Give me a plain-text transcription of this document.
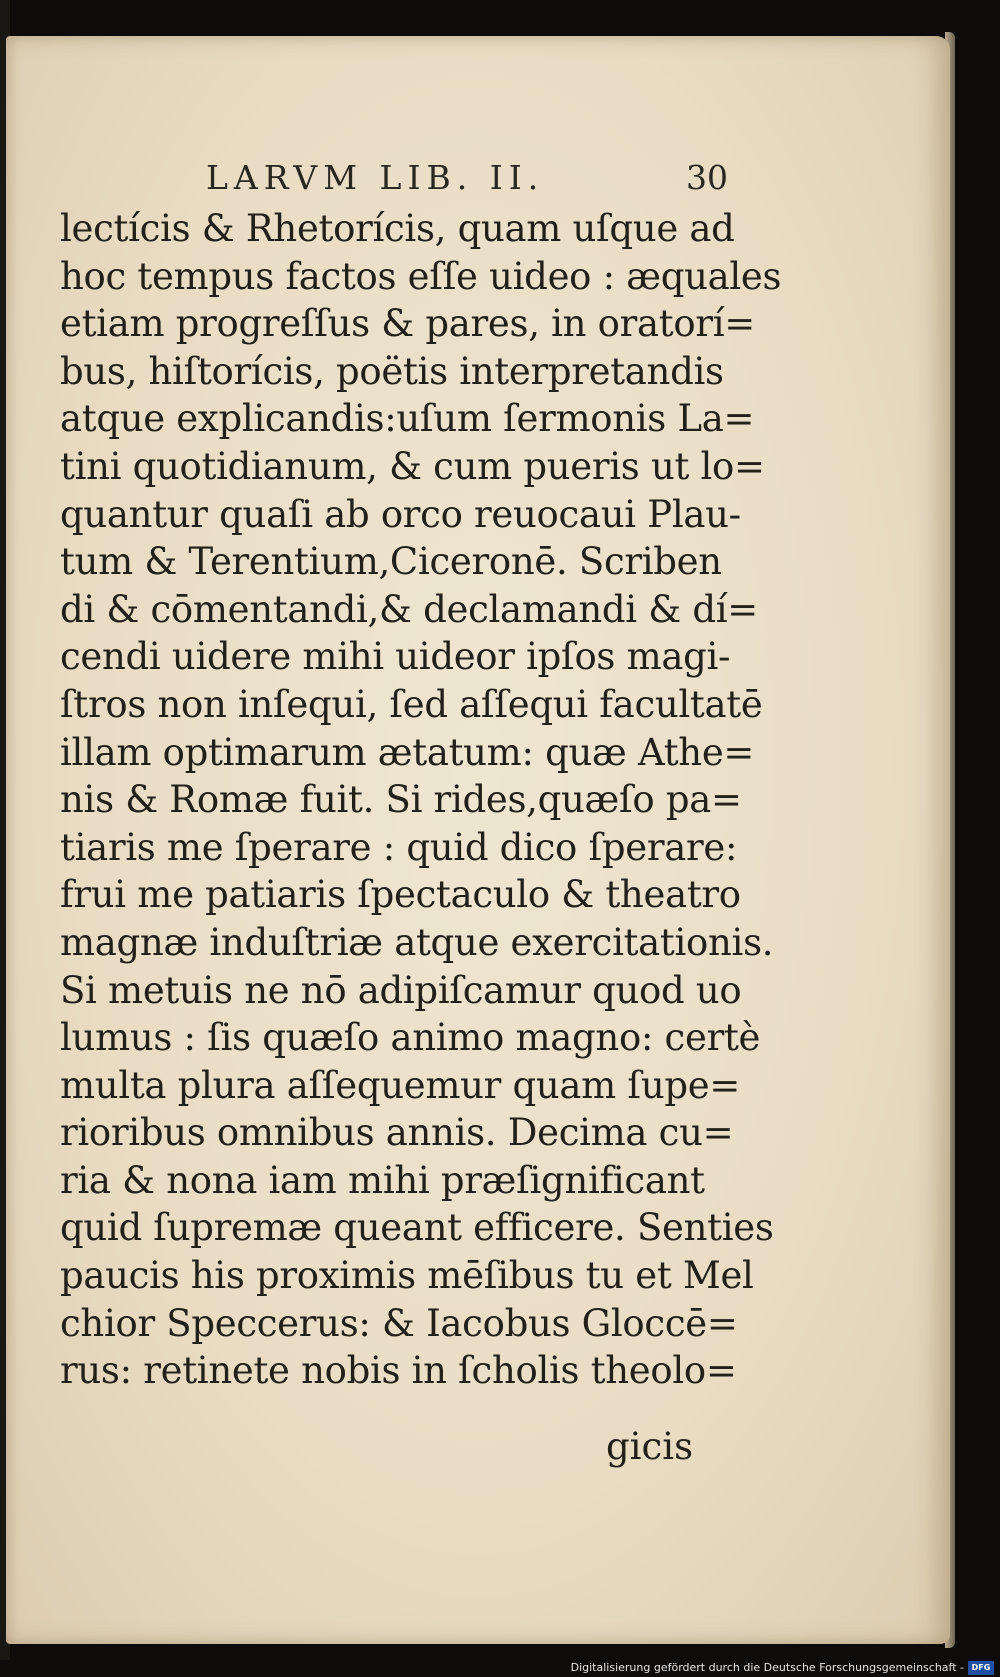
LARVM LIB. II.	30
lectícis & Rhetorícis, quam uſque ad
hoc tempus factos eſſe uideo : æquales
etiam progreſſus & pares, in oratorí=
bus, hiſtorícis, poëtis interpretandis
atque explicandis:uſum ſermonis La=
tini quotidianum, & cum pueris ut lo=
quantur quaſi ab orco reuocaui Plau-
tum & Terentium,Ciceronē. Scriben
di & cōmentandi,& declamandi & dí=
cendi uidere mihi uideor ipſos magi-
ſtros non inſequi, ſed aſſequi facultatē
illam optimarum ætatum: quæ Athe=
nis & Romæ fuit. Si rides,quæſo pa=
tiaris me ſperare : quid dico ſperare:
frui me patiaris ſpectaculo & theatro
magnæ induſtriæ atque exercitationis.
Si metuis ne nō adipiſcamur quod uo
lumus : ſis quæſo animo magno: certè
multa plura aſſequemur quam ſupe=
rioribus omnibus annis. Decima cu=
ria & nona iam mihi præſignificant
quid ſupremæ queant efficere. Senties
paucis his proximis mēſibus tu et Mel
chior Speccerus: & Iacobus Gloccē=
rus: retinete nobis in ſcholis theolo=
gicis
Digitalisierung gefördert durch die Deutsche Forschungsgemeinschaft - DFG
